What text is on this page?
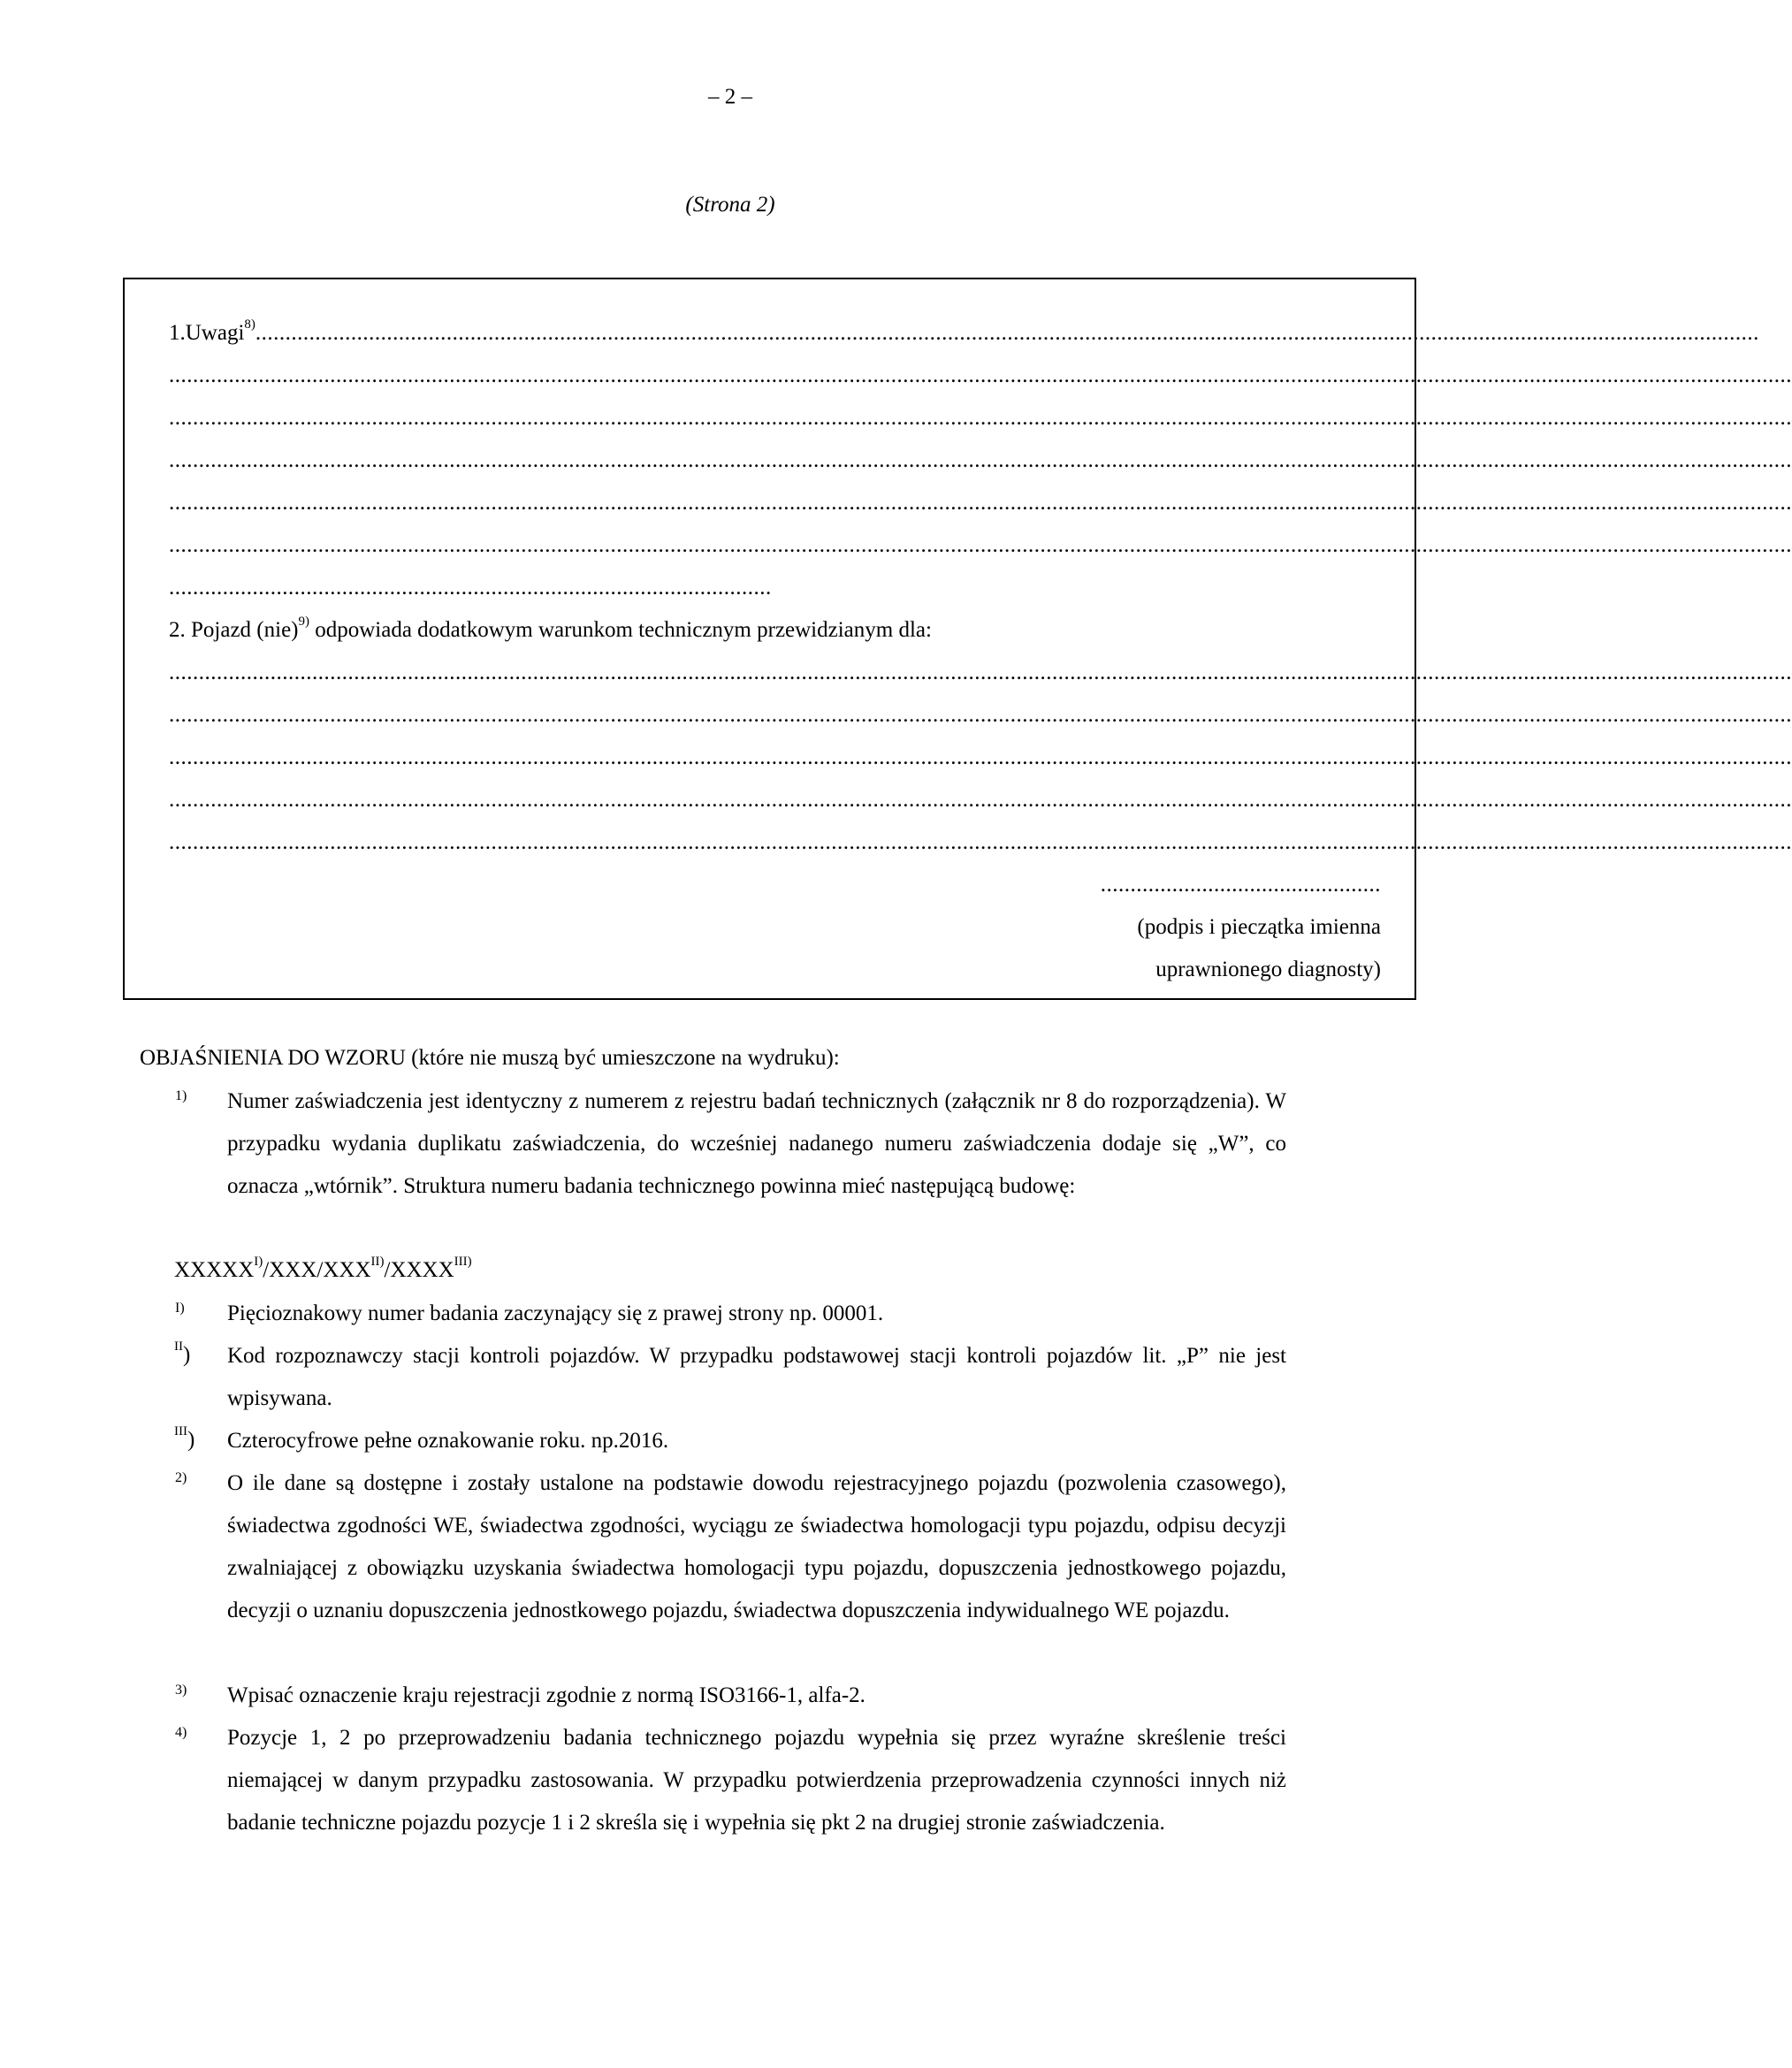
– 2 –
(Strona 2)
1.Uwagi$^{8)}$............................................................................................................................................................................................................................................................
................................................................................................................................................................................................................................................................................
................................................................................................................................................................................................................................................................................
................................................................................................................................................................................................................................................................................
................................................................................................................................................................................................................................................................................
................................................................................................................................................................................................................................................................................
.....................................................................................................
2. Pojazd (nie)$^{9)}$ odpowiada dodatkowym warunkom technicznym przewidzianym dla:
................................................................................................................................................................................................................................................................................
................................................................................................................................................................................................................................................................................
................................................................................................................................................................................................................................................................................
................................................................................................................................................................................................................................................................................
................................................................................................................................................................................................................................................................................
...............................................
(podpis i pieczątka imienna
uprawnionego diagnosty)
OBJAŚNIENIA DO WZORU (które nie muszą być umieszczone na wydruku):
1) Numer zaświadczenia jest identyczny z numerem z rejestru badań technicznych (załącznik nr 8 do rozporządzenia). W przypadku wydania duplikatu zaświadczenia, do wcześniej nadanego numeru zaświadczenia dodaje się „W”, co oznacza „wtórnik”. Struktura numeru badania technicznego powinna mieć następującą budowę:
$XXXXX^{I)}/XXX/XXX^{II)}/XXXX^{III)}$
I) Pięcioznakowy numer badania zaczynający się z prawej strony np. 00001.
$^{II}$) Kod rozpoznawczy stacji kontroli pojazdów. W przypadku podstawowej stacji kontroli pojazdów lit. „P” nie jest wpisywana.
$^{III}$) Czterocyfrowe pełne oznakowanie roku. np.2016.
2) O ile dane są dostępne i zostały ustalone na podstawie dowodu rejestracyjnego pojazdu (pozwolenia czasowego), świadectwa zgodności WE, świadectwa zgodności, wyciągu ze świadectwa homologacji typu pojazdu, odpisu decyzji zwalniającej z obowiązku uzyskania świadectwa homologacji typu pojazdu, dopuszczenia jednostkowego pojazdu, decyzji o uznaniu dopuszczenia jednostkowego pojazdu, świadectwa dopuszczenia indywidualnego WE pojazdu.
3) Wpisać oznaczenie kraju rejestracji zgodnie z normą ISO3166-1, alfa-2.
4) Pozycje 1, 2 po przeprowadzeniu badania technicznego pojazdu wypełnia się przez wyraźne skreślenie treści niemającej w danym przypadku zastosowania. W przypadku potwierdzenia przeprowadzenia czynności innych niż badanie techniczne pojazdu pozycje 1 i 2 skreśla się i wypełnia się pkt 2 na drugiej stronie zaświadczenia.
